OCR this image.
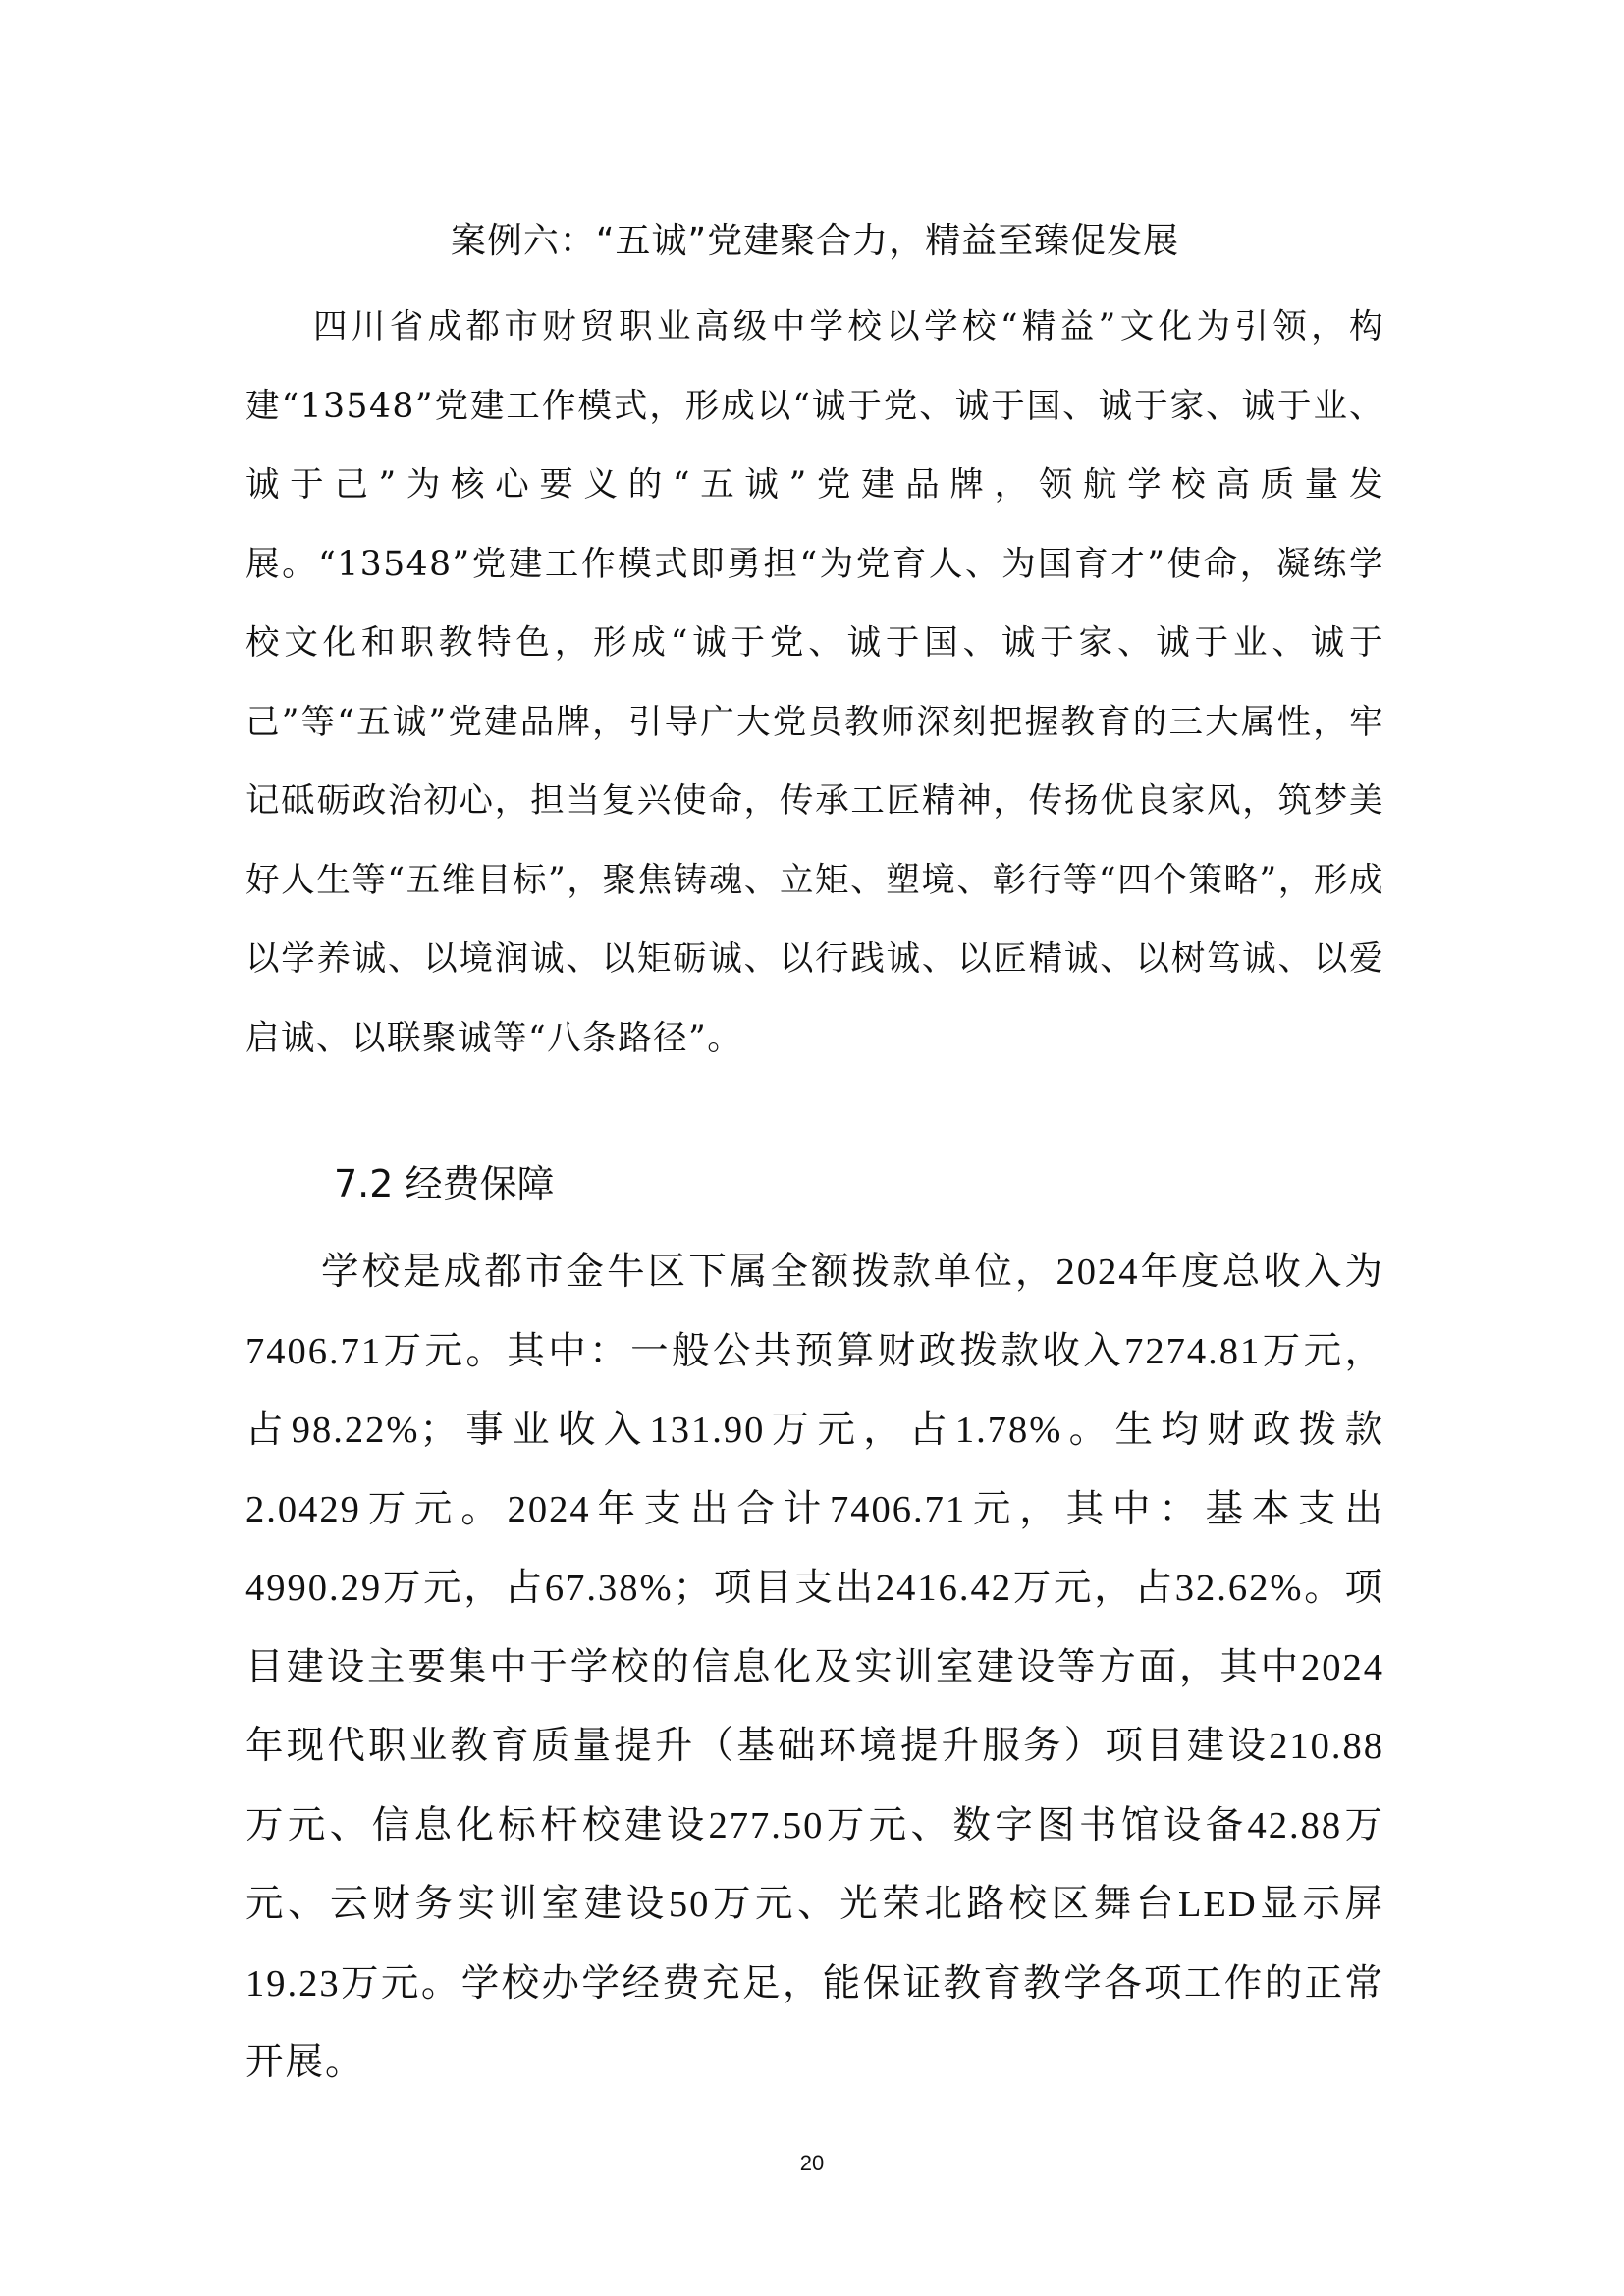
案例六：“五诚”党建聚合力，精益至臻促发展

四川省成都市财贸职业高级中学校以学校“精益”文化为引领，构建“13548”党建工作模式，形成以“诚于党、诚于国、诚于家、诚于业、诚于己”为核心要义的“五诚”党建品牌，领航学校高质量发展。“13548”党建工作模式即勇担“为党育人、为国育才”使命，凝练学校文化和职教特色，形成“诚于党、诚于国、诚于家、诚于业、诚于己”等“五诚”党建品牌，引导广大党员教师深刻把握教育的三大属性，牢记砥砺政治初心，担当复兴使命，传承工匠精神，传扬优良家风，筑梦美好人生等“五维目标”，聚焦铸魂、立矩、塑境、彰行等“四个策略”，形成以学养诚、以境润诚、以矩砺诚、以行践诚、以匠精诚、以树笃诚、以爱启诚、以联聚诚等“八条路径”。

7.2 经费保障

学校是成都市金牛区下属全额拨款单位，2024年度总收入为7406.71万元。其中：一般公共预算财政拨款收入7274.81万元，占98.22%；事业收入131.90万元，占1.78%。生均财政拨款2.0429万元。2024年支出合计7406.71元，其中：基本支出4990.29万元，占67.38%；项目支出2416.42万元，占32.62%。项目建设主要集中于学校的信息化及实训室建设等方面，其中2024年现代职业教育质量提升（基础环境提升服务）项目建设210.88万元、信息化标杆校建设277.50万元、数字图书馆设备42.88万元、云财务实训室建设50万元、光荣北路校区舞台LED显示屏19.23万元。学校办学经费充足，能保证教育教学各项工作的正常开展。

20
